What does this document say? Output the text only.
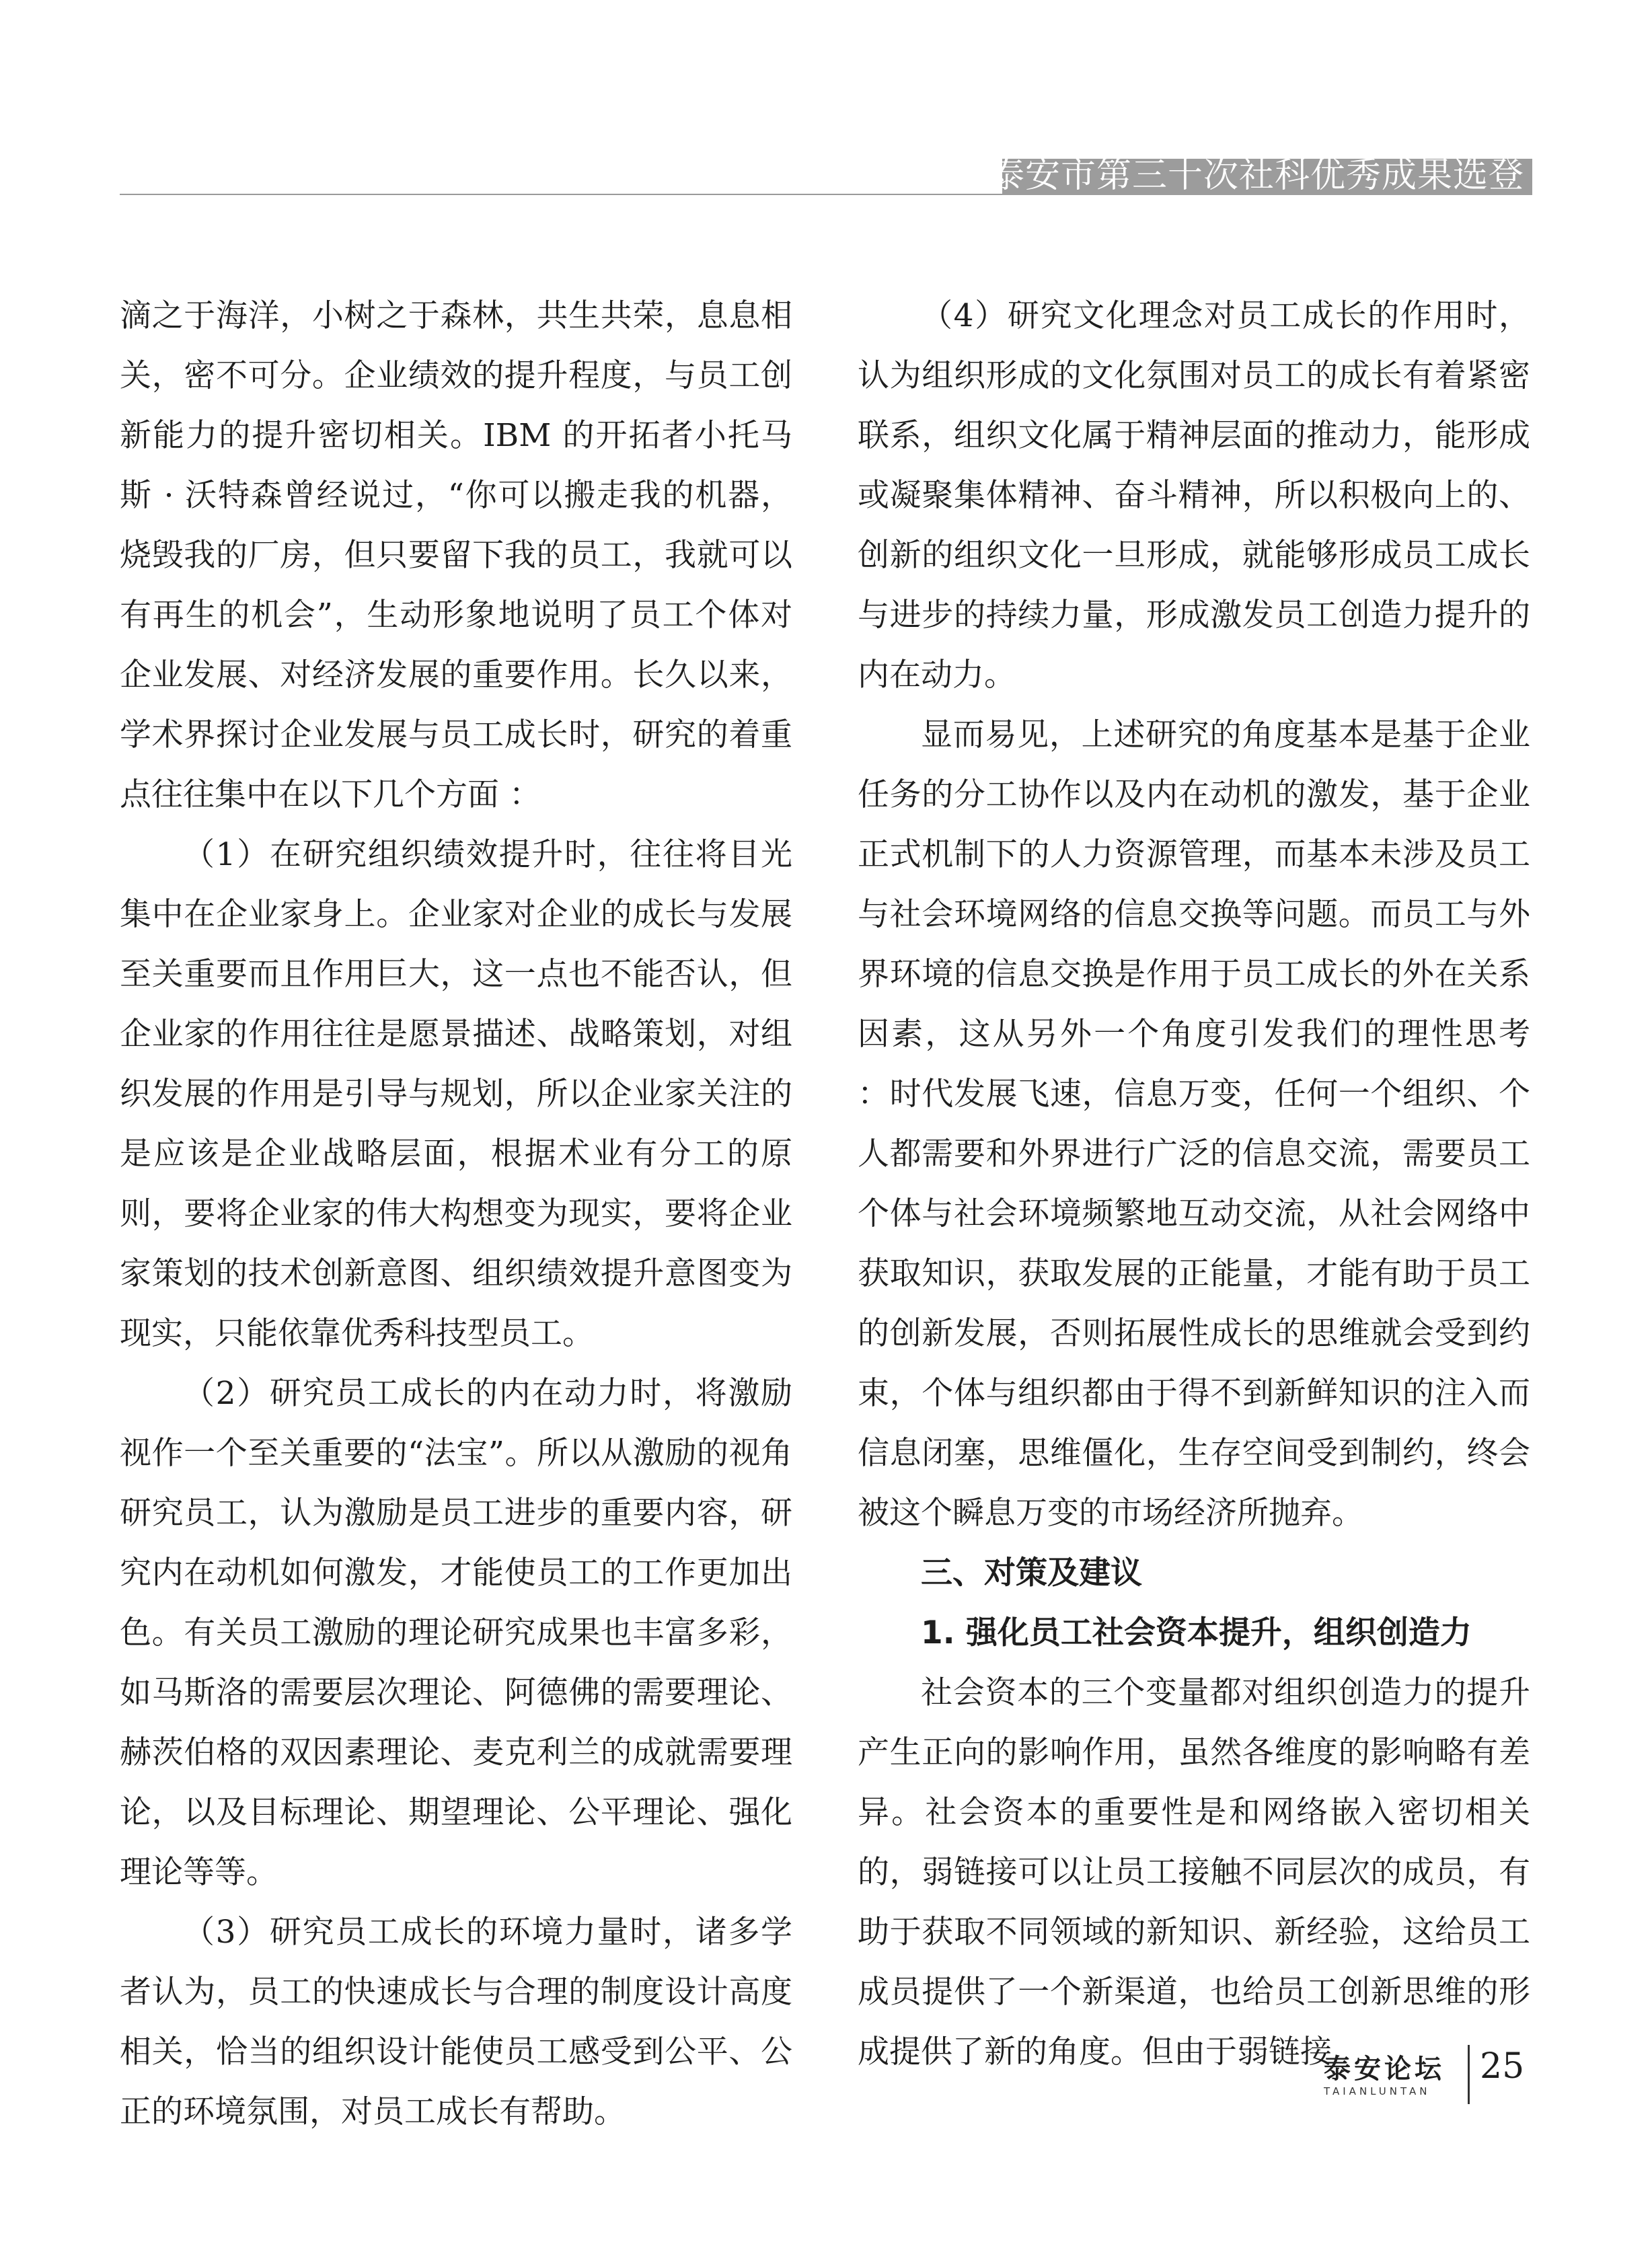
泰安市第三十次社科优秀成果选登

滴之于海洋，小树之于森林，共生共荣，息息相关，密不可分。企业绩效的提升程度，与员工创新能力的提升密切相关。IBM 的开拓者小托马斯 · 沃特森曾经说过，“你可以搬走我的机器，烧毁我的厂房，但只要留下我的员工，我就可以有再生的机会”，生动形象地说明了员工个体对企业发展、对经济发展的重要作用。长久以来，学术界探讨企业发展与员工成长时，研究的着重点往往集中在以下几个方面 ：

（1）在研究组织绩效提升时，往往将目光集中在企业家身上。企业家对企业的成长与发展至关重要而且作用巨大，这一点也不能否认，但企业家的作用往往是愿景描述、战略策划，对组织发展的作用是引导与规划，所以企业家关注的是应该是企业战略层面，根据术业有分工的原则，要将企业家的伟大构想变为现实，要将企业家策划的技术创新意图、组织绩效提升意图变为现实，只能依靠优秀科技型员工。

（2）研究员工成长的内在动力时，将激励视作一个至关重要的“法宝”。所以从激励的视角研究员工，认为激励是员工进步的重要内容，研究内在动机如何激发，才能使员工的工作更加出色。有关员工激励的理论研究成果也丰富多彩，如马斯洛的需要层次理论、阿德佛的需要理论、赫茨伯格的双因素理论、麦克利兰的成就需要理论，以及目标理论、期望理论、公平理论、强化理论等等。

（3）研究员工成长的环境力量时，诸多学者认为，员工的快速成长与合理的制度设计高度相关，恰当的组织设计能使员工感受到公平、公正的环境氛围，对员工成长有帮助。

（4）研究文化理念对员工成长的作用时，认为组织形成的文化氛围对员工的成长有着紧密联系，组织文化属于精神层面的推动力，能形成或凝聚集体精神、奋斗精神，所以积极向上的、创新的组织文化一旦形成，就能够形成员工成长与进步的持续力量，形成激发员工创造力提升的内在动力。

显而易见，上述研究的角度基本是基于企业任务的分工协作以及内在动机的激发，基于企业正式机制下的人力资源管理，而基本未涉及员工与社会环境网络的信息交换等问题。而员工与外界环境的信息交换是作用于员工成长的外在关系因素，这从另外一个角度引发我们的理性思考 ：时代发展飞速，信息万变，任何一个组织、个人都需要和外界进行广泛的信息交流，需要员工个体与社会环境频繁地互动交流，从社会网络中获取知识，获取发展的正能量，才能有助于员工的创新发展，否则拓展性成长的思维就会受到约束，个体与组织都由于得不到新鲜知识的注入而信息闭塞，思维僵化，生存空间受到制约，终会被这个瞬息万变的市场经济所抛弃。

三、对策及建议

1. 强化员工社会资本提升，组织创造力

社会资本的三个变量都对组织创造力的提升产生正向的影响作用，虽然各维度的影响略有差异。社会资本的重要性是和网络嵌入密切相关的，弱链接可以让员工接触不同层次的成员，有助于获取不同领域的新知识、新经验，这给员工成员提供了一个新渠道，也给员工创新思维的形成提供了新的角度。但由于弱链接

泰安论坛
TAIANLUNTAN
25
